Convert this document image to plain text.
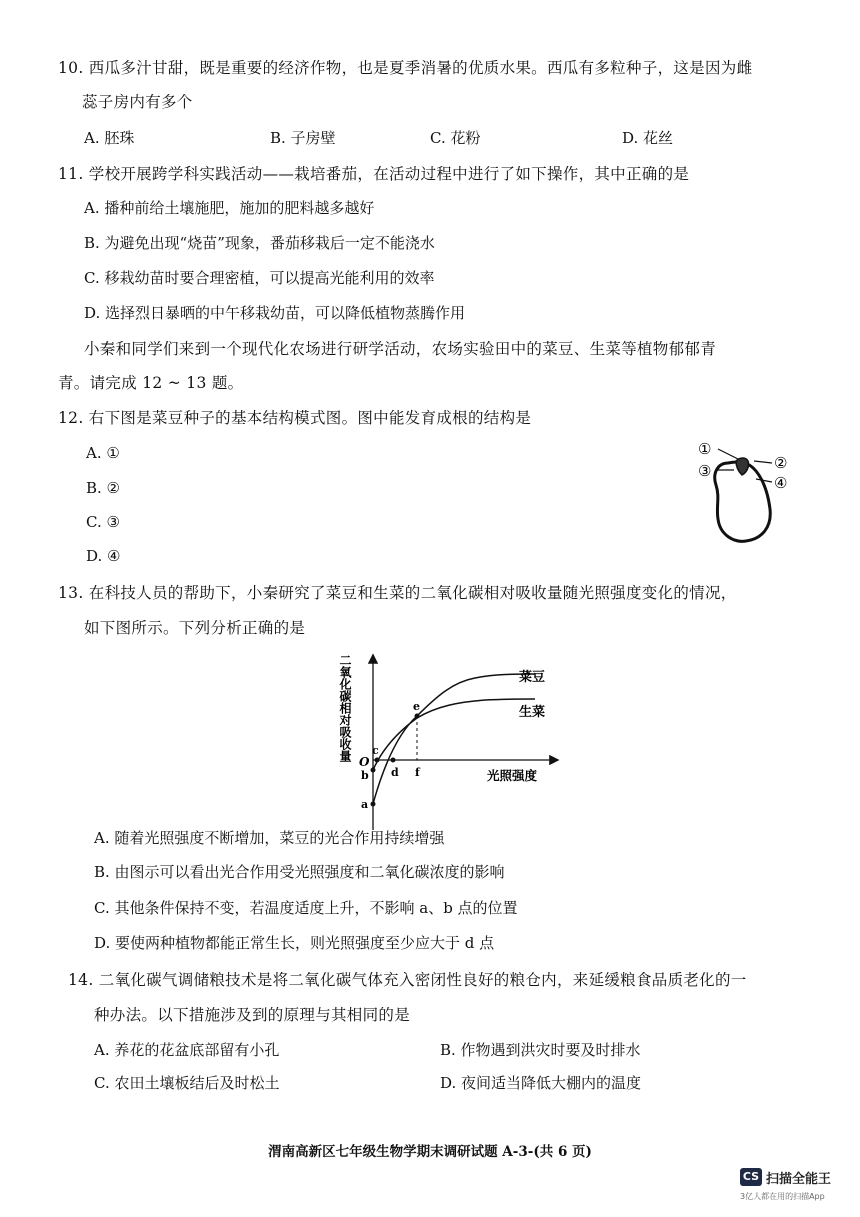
10. 西瓜多汁甘甜，既是重要的经济作物，也是夏季消暑的优质水果。西瓜有多粒种子，这是因为雌
蕊子房内有多个
A. 胚珠	B. 子房壁	C. 花粉	D. 花丝
11. 学校开展跨学科实践活动——栽培番茄，在活动过程中进行了如下操作，其中正确的是
A. 播种前给土壤施肥，施加的肥料越多越好
B. 为避免出现“烧苗”现象，番茄移栽后一定不能浇水
C. 移栽幼苗时要合理密植，可以提高光能利用的效率
D. 选择烈日暴晒的中午移栽幼苗，可以降低植物蒸腾作用
小秦和同学们来到一个现代化农场进行研学活动，农场实验田中的菜豆、生菜等植物郁郁青
青。请完成 12 ~ 13 题。
12. 右下图是菜豆种子的基本结构模式图。图中能发育成根的结构是
A. ①
B. ②
C. ③
D. ④
①
②
③
④
13. 在科技人员的帮助下，小秦研究了菜豆和生菜的二氧化碳相对吸收量随光照强度变化的情况，
如下图所示。下列分析正确的是
二氧化碳相对吸收量
光照强度
菜豆
生菜
O
a
b
c
d
e
f
A. 随着光照强度不断增加，菜豆的光合作用持续增强
B. 由图示可以看出光合作用受光照强度和二氧化碳浓度的影响
C. 其他条件保持不变，若温度适度上升，不影响 a、b 点的位置
D. 要使两种植物都能正常生长，则光照强度至少应大于 d 点
14. 二氧化碳气调储粮技术是将二氧化碳气体充入密闭性良好的粮仓内，来延缓粮食品质老化的一
种办法。以下措施涉及到的原理与其相同的是
A. 养花的花盆底部留有小孔	B. 作物遇到洪灾时要及时排水
C. 农田土壤板结后及时松土	D. 夜间适当降低大棚内的温度
渭南高新区七年级生物学期末调研试题 A-3-(共 6 页)
CS 扫描全能王
3亿人都在用的扫描App
